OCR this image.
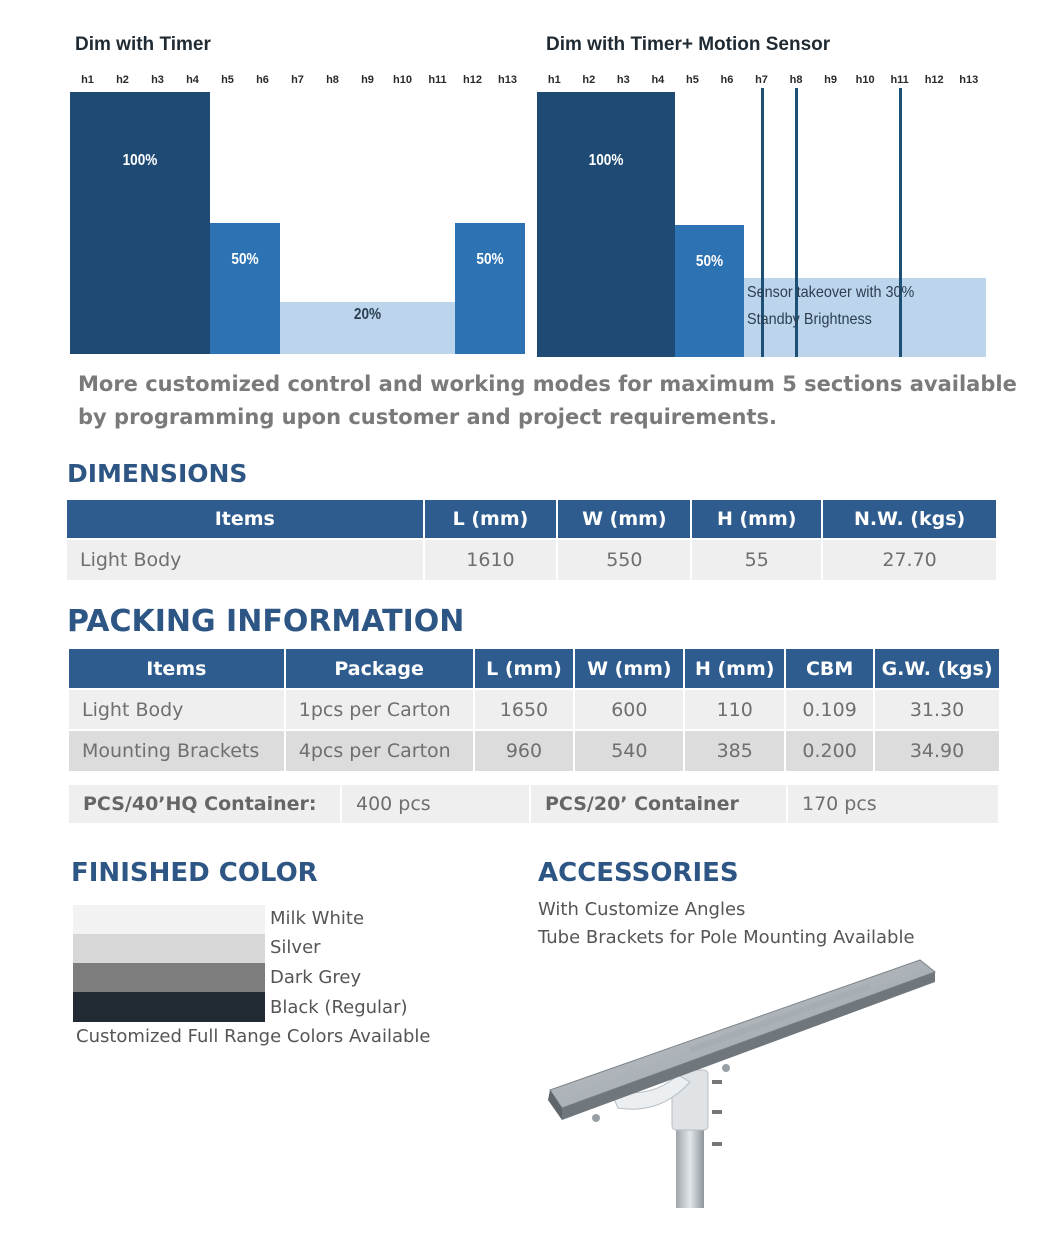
Dim with Timer
h1	h2	h3	h4	h5	h6	h7	h8	h9	h10	h11	h12	h13
100%
50%
20%
50%
Dim with Timer+ Motion Sensor
h1	h2	h3	h4	h5	h6	h7	h8	h9	h10	h11	h12	h13
100%
50%
Sensor takeover with 30%
Standby Brightness
More customized control and working modes for maximum 5 sections available
by programming upon customer and project requirements.
DIMENSIONS
Items	L (mm)	W (mm)	H (mm)	N.W. (kgs)
Light Body	1610	550	55	27.70
PACKING INFORMATION
Items	Package	L (mm)	W (mm)	H (mm)	CBM	G.W. (kgs)
Light Body	1pcs per Carton	1650	600	110	0.109	31.30
Mounting Brackets	4pcs per Carton	960	540	385	0.200	34.90
PCS/40’HQ Container:	400 pcs	PCS/20’ Container	170 pcs
FINISHED COLOR
Milk White
Silver
Dark Grey
Black (Regular)
Customized Full Range Colors Available
ACCESSORIES
With Customize Angles
Tube Brackets for Pole Mounting Available
